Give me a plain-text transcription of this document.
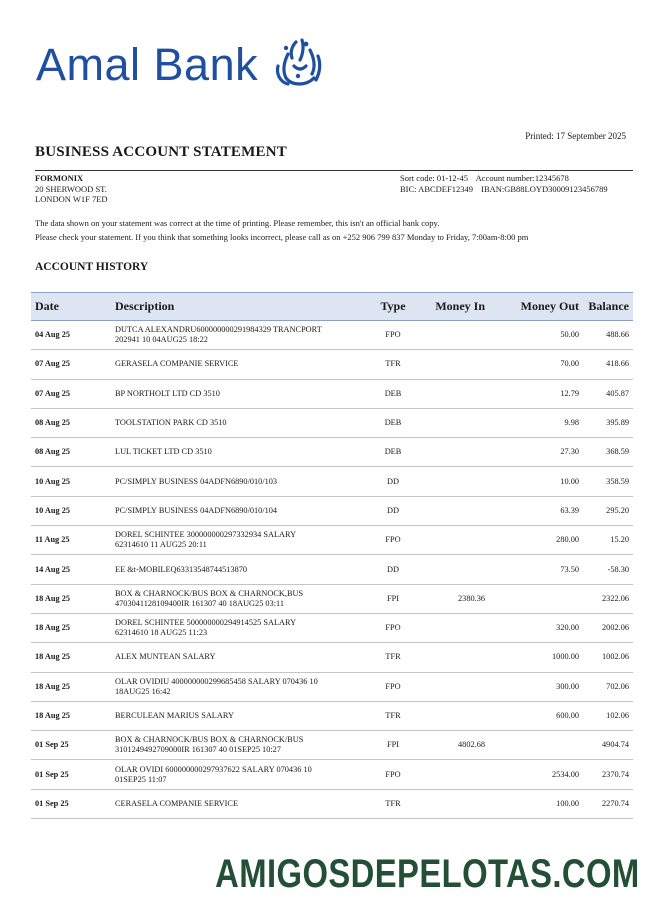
Amal Bank
Printed: 17 September 2025
BUSINESS ACCOUNT STATEMENT
FORMONIX
20 SHERWOOD ST.
LONDON W1F 7ED
Sort code: 01-12-45 Account number:12345678
BIC: ABCDEF12349 IBAN:GB88LOYD30009123456789
The data shown on your statement was correct at the time of printing. Please remember, this isn't an official bank copy.
Please check your statement. If you think that something looks incorrect, please call as on +252 906 799 837 Monday to Friday, 7:00am-8:00 pm
ACCOUNT HISTORY
Date	Description	Type	Money In	Money Out	Balance
04 Aug 25	DUTCA ALEXANDRU600000000291984329 TRANCPORT
202941 10 04AUG25 18:22	FPO		50.00	488.66
07 Aug 25	GERASELA COMPANIE SERVICE	TFR		70.00	418.66
07 Aug 25	BP NORTHOLT LTD CD 3510	DEB		12.79	405.87
08 Aug 25	TOOLSTATION PARK CD 3510	DEB		9.98	395.89
08 Aug 25	LUL TICKET LTD CD 3510	DEB		27.30	368.59
10 Aug 25	PC/SIMPLY BUSINESS 04ADFN6890/010/103	DD		10.00	358.59
10 Aug 25	PC/SIMPLY BUSINESS 04ADFN6890/010/104	DD		63.39	295.20
11 Aug 25	DOREL SCHINTEE 300000000297332934 SALARY
62314610 11 AUG25 20:11	FPO		280.00	15.20
14 Aug 25	EE &t-MOBILEQ63313548744513870	DD		73.50	-58.30
18 Aug 25	BOX & CHARNOCK/BUS BOX & CHARNOCK,BUS
4703041128109400IR 161307 40 18AUG25 03:11	FPI	2380.36		2322.06
18 Aug 25	DOREL SCHINTEE 500000000294914525 SALARY
62314610 18 AUG25 11:23	FPO		320.00	2002.06
18 Aug 25	ALEX MUNTEAN SALARY	TFR		1000.00	1002.06
18 Aug 25	OLAR OVIDIU 400000000299685458 SALARY 070436 10
18AUG25 16:42	FPO		300.00	702.06
18 Aug 25	BERCULEAN MARIUS SALARY	TFR		600.00	102.06
01 Sep 25	BOX & CHARNOCK/BUS BOX & CHARNOCK/BUS
3101249492709000IR 161307 40 01SEP25 10:27	FPI	4802.68		4904.74
01 Sep 25	OLAR OVIDI 600000000297937622 SALARY 070436 10
01SEP25 11:07	FPO		2534.00	2370.74
01 Sep 25	CERASELA COMPANIE SERVICE	TFR		100.00	2270.74
AMIGOSDEPELOTAS.COM
